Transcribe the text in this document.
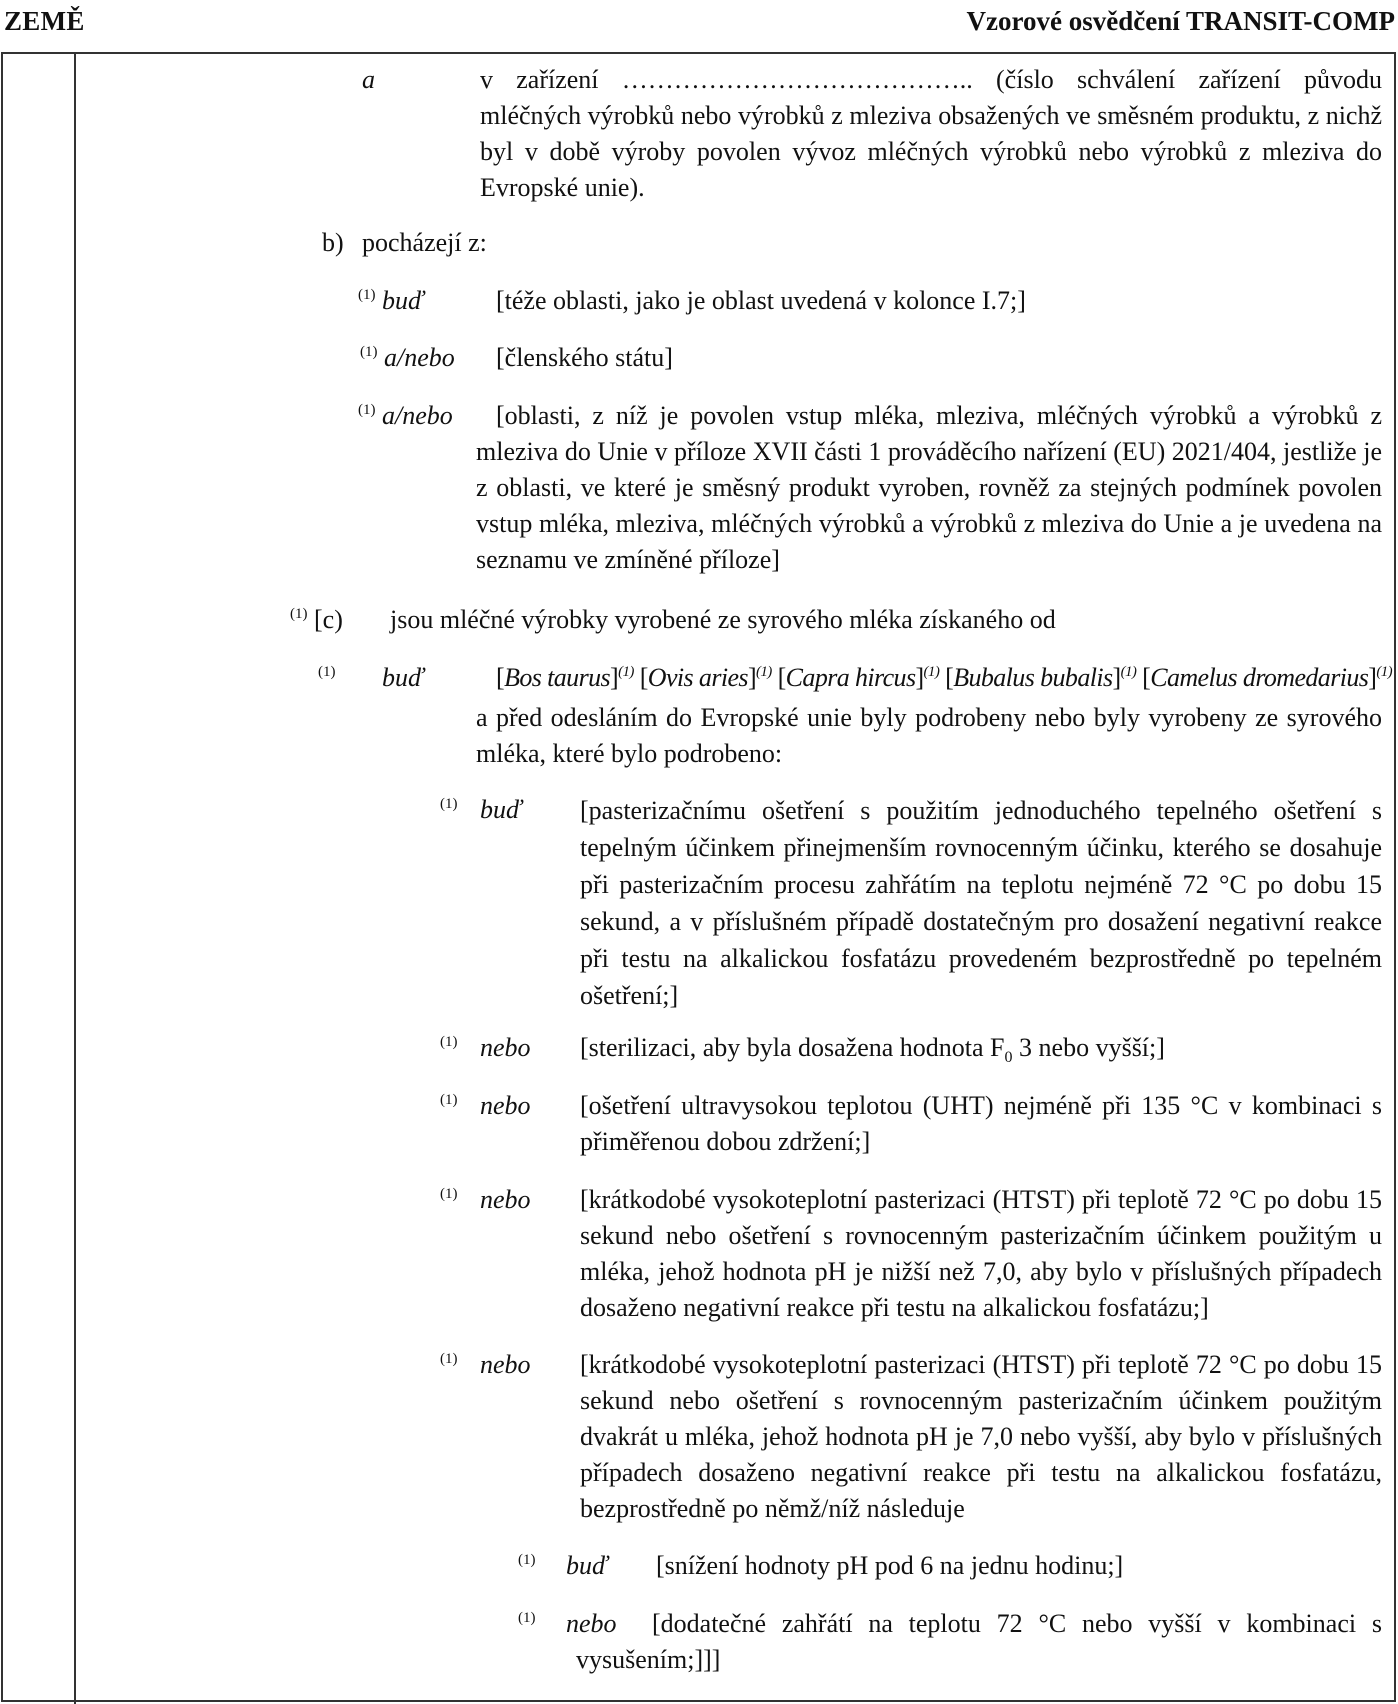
ZEMĚ	Vzorové osvědčení TRANSIT-COMP
a	v zařízení ………………………………….. (číslo schválení zařízení původu mléčných výrobků nebo výrobků z mleziva obsažených ve směsném produktu, z nichž byl v době výroby povolen vývoz mléčných výrobků nebo výrobků z mleziva do Evropské unie).
b) pocházejí z:
$^{(1)}$ buď	[téže oblasti, jako je oblast uvedená v kolonce I.7;]
$^{(1)}$ a/nebo [členského státu]
$^{(1)}$ a/nebo	[oblasti, z níž je povolen vstup mléka, mleziva, mléčných výrobků a výrobků z mleziva do Unie v příloze XVII části 1 prováděcího nařízení (EU) 2021/404, jestliže je z oblasti, ve které je směsný produkt vyroben, rovněž za stejných podmínek povolen vstup mléka, mleziva, mléčných výrobků a výrobků z mleziva do Unie a je uvedena na seznamu ve zmíněné příloze]
$^{(1)}$ [c) jsou mléčné výrobky vyrobené ze syrového mléka získaného od
$^{(1)}$ buď	[Bos taurus]$^{(1)}$ [Ovis aries]$^{(1)}$ [Capra hircus]$^{(1)}$ [Bubalus bubalis]$^{(1)}$ [Camelus dromedarius]$^{(1)}$
a před odesláním do Evropské unie byly podrobeny nebo byly vyrobeny ze syrového mléka, které bylo podrobeno:
$^{(1)}$ buď [pasterizačnímu ošetření s použitím jednoduchého tepelného ošetření s tepelným účinkem přinejmenším rovnocenným účinku, kterého se dosahuje při pasterizačním procesu zahřátím na teplotu nejméně 72 °C po dobu 15 sekund, a v příslušném případě dostatečným pro dosažení negativní reakce při testu na alkalickou fosfatázu provedeném bezprostředně po tepelném ošetření;]
$^{(1)}$ nebo [sterilizaci, aby byla dosažena hodnota $F_0$ 3 nebo vyšší;]
$^{(1)}$ nebo [ošetření ultravysokou teplotou (UHT) nejméně při 135 °C v kombinaci s přiměřenou dobou zdržení;]
$^{(1)}$ nebo [krátkodobé vysokoteplotní pasterizaci (HTST) při teplotě 72 °C po dobu 15 sekund nebo ošetření s rovnocenným pasterizačním účinkem použitým u mléka, jehož hodnota pH je nižší než 7,0, aby bylo v příslušných případech dosaženo negativní reakce při testu na alkalickou fosfatázu;]
$^{(1)}$ nebo [krátkodobé vysokoteplotní pasterizaci (HTST) při teplotě 72 °C po dobu 15 sekund nebo ošetření s rovnocenným pasterizačním účinkem použitým dvakrát u mléka, jehož hodnota pH je 7,0 nebo vyšší, aby bylo v příslušných případech dosaženo negativní reakce při testu na alkalickou fosfatázu, bezprostředně po němž/níž následuje
$^{(1)}$ buď [snížení hodnoty pH pod 6 na jednu hodinu;]
$^{(1)}$ nebo	[dodatečné zahřátí na teplotu 72 °C nebo vyšší v kombinaci s vysušením;]]]
